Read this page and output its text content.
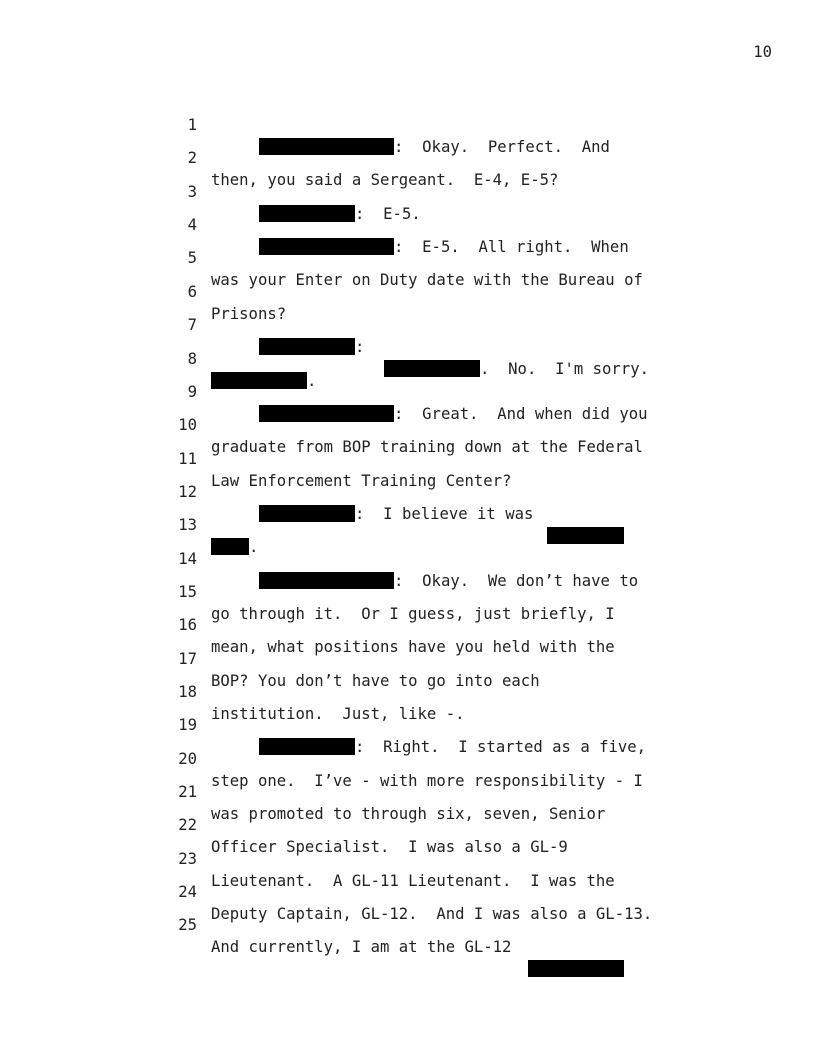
10

1

:  Okay.  Perfect.  And

2

then, you said a Sergeant.  E-4, E-5?

3

:  E-5.

4

:  E-5.  All right.  When

5

was your Enter on Duty date with the Bureau of

6

Prisons?

7

:

.  No.  I'm sorry.

8

.

9

:  Great.  And when did you

10

graduate from BOP training down at the Federal

11

Law Enforcement Training Center?

12

:  I believe it was

13

.

14

:  Okay.  We don’t have to

15

go through it.  Or I guess, just briefly, I

16

mean, what positions have you held with the

17

BOP? You don’t have to go into each

18

institution.  Just, like -.

19

:  Right.  I started as a five,

20

step one.  I’ve - with more responsibility - I

21

was promoted to through six, seven, Senior

22

Officer Specialist.  I was also a GL-9

23

Lieutenant.  A GL-11 Lieutenant.  I was the

24

Deputy Captain, GL-12.  And I was also a GL-13.

25

And currently, I am at the GL-12
